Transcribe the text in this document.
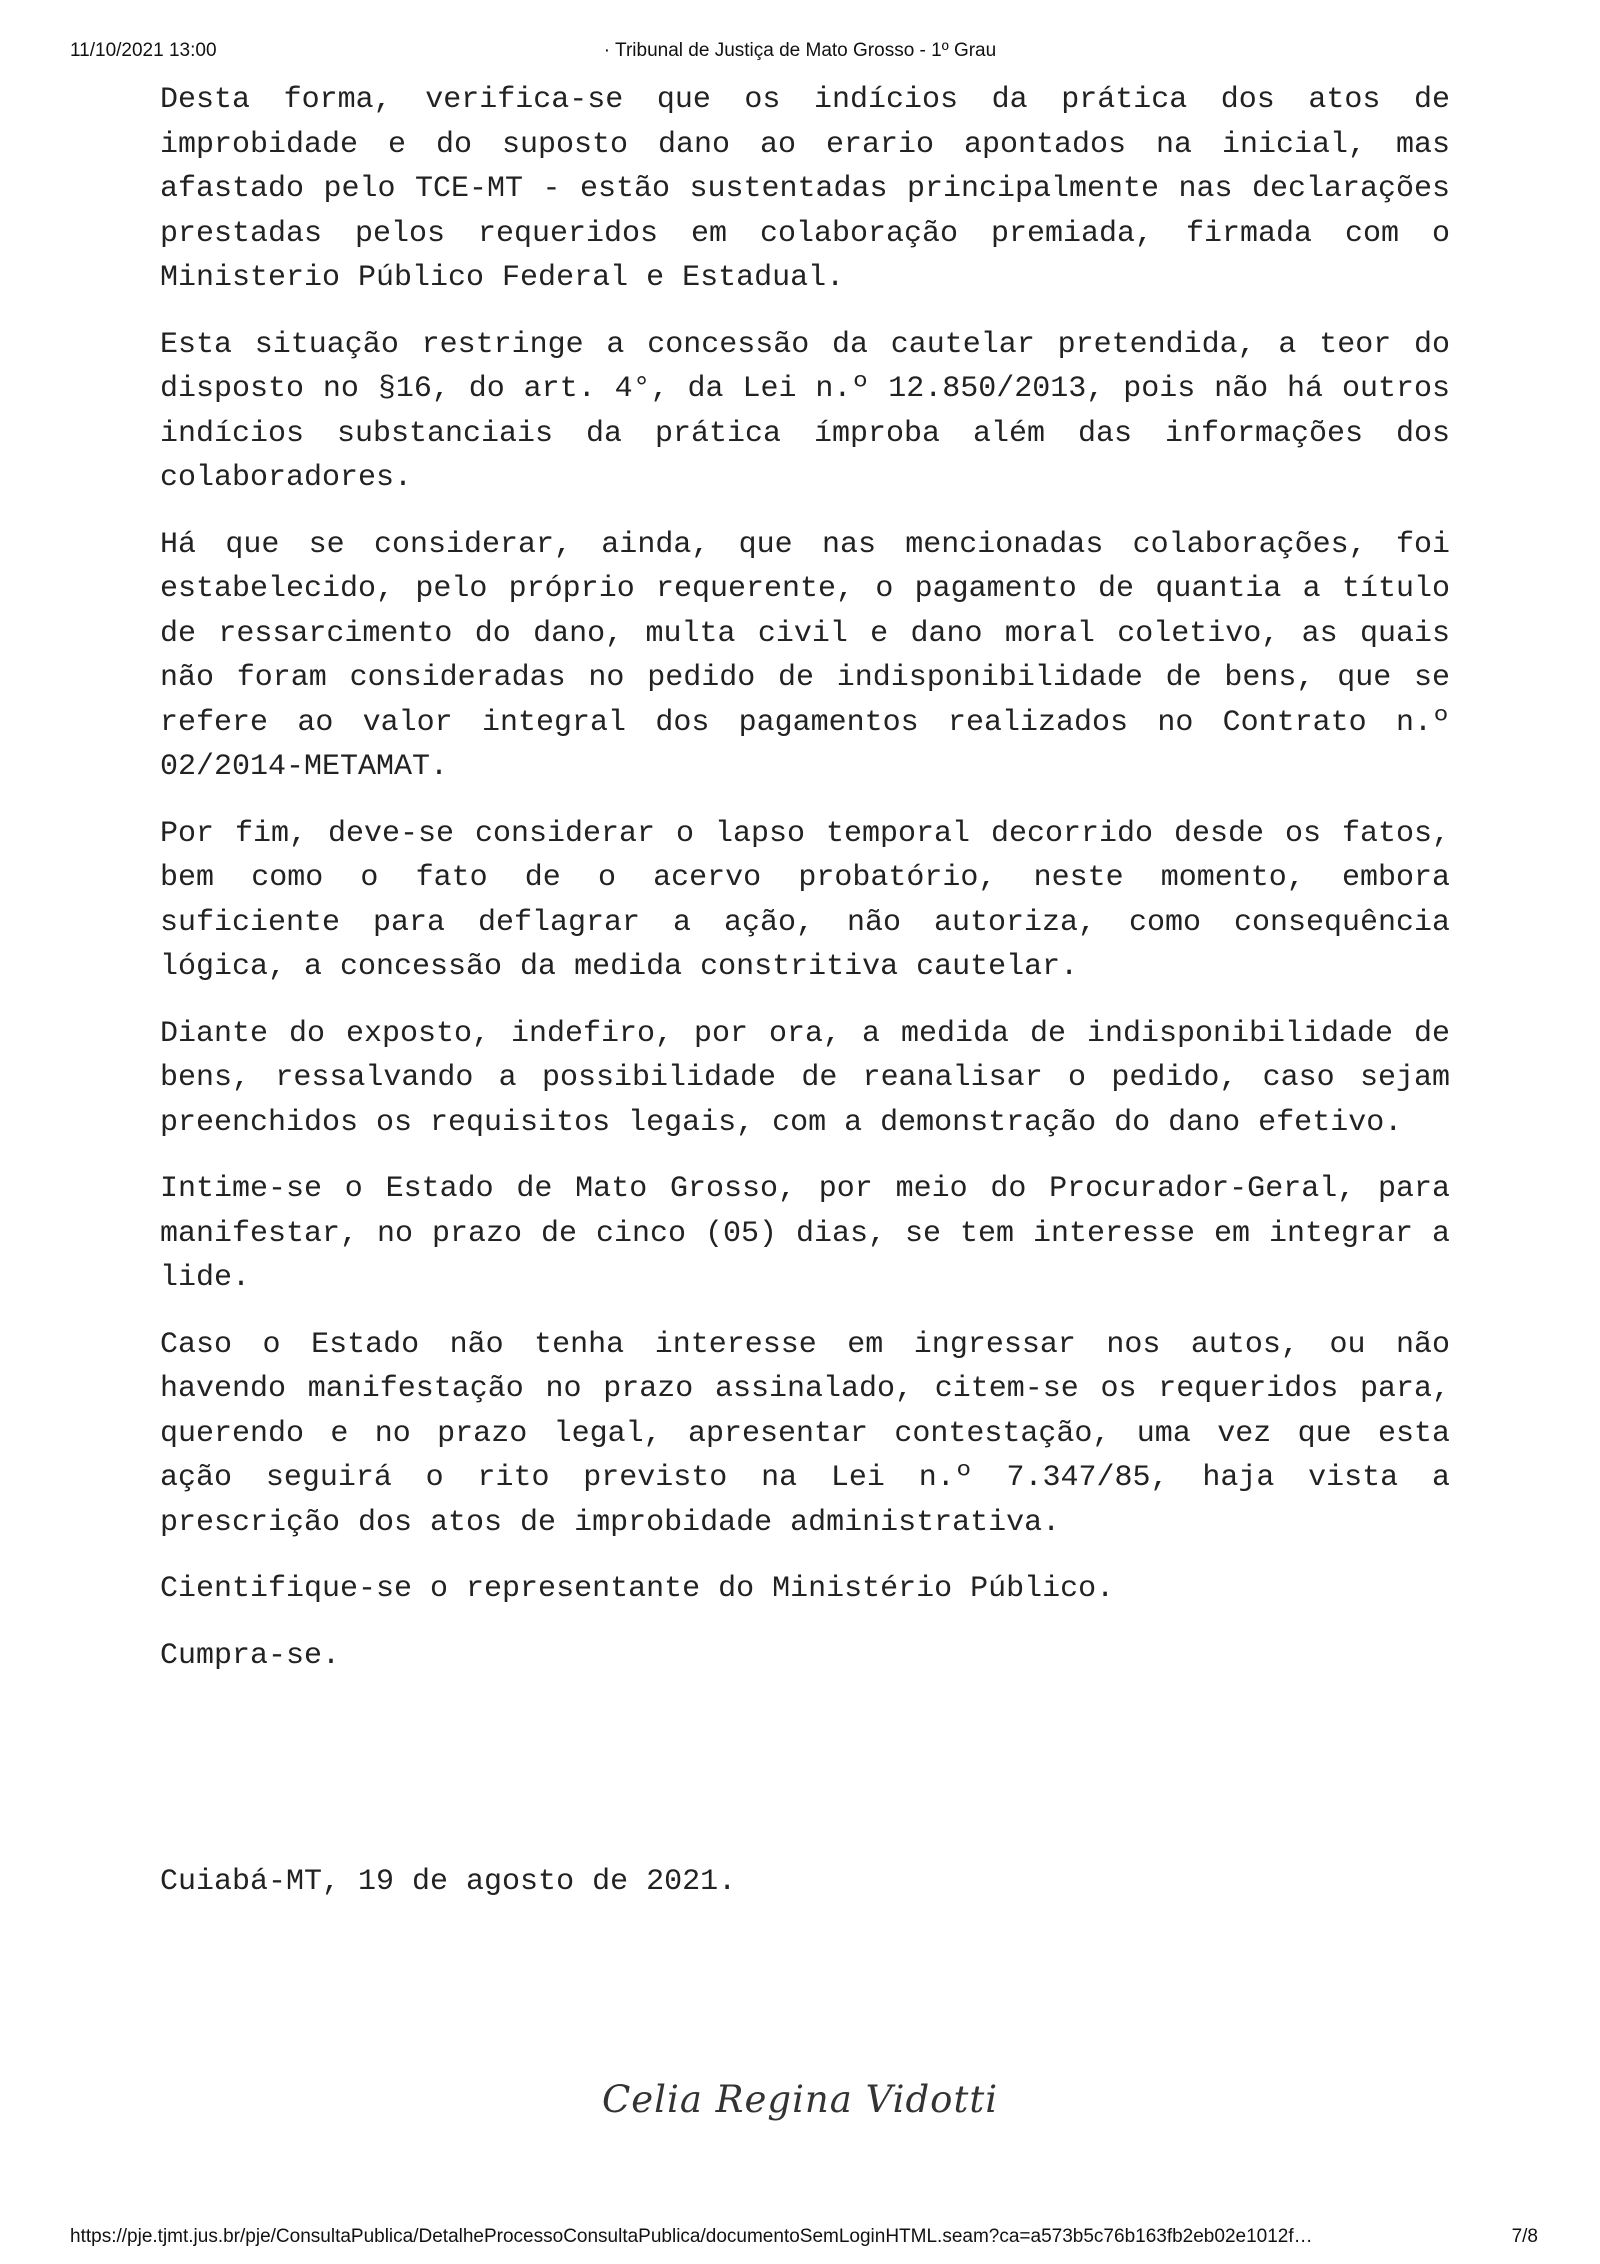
11/10/2021 13:00	· Tribunal de Justiça de Mato Grosso - 1º Grau

Desta forma, verifica-se que os indícios da prática dos atos de improbidade e do suposto dano ao erario apontados na inicial, mas afastado pelo TCE-MT - estão sustentadas principalmente nas declarações prestadas pelos requeridos em colaboração premiada, firmada com o Ministerio Público Federal e Estadual.

Esta situação restringe a concessão da cautelar pretendida, a teor do disposto no §16, do art. 4°, da Lei n.º 12.850/2013, pois não há outros indícios substanciais da prática ímproba além das informações dos colaboradores.

Há que se considerar, ainda, que nas mencionadas colaborações, foi estabelecido, pelo próprio requerente, o pagamento de quantia a título de ressarcimento do dano, multa civil e dano moral coletivo, as quais não foram consideradas no pedido de indisponibilidade de bens, que se refere ao valor integral dos pagamentos realizados no Contrato n.º 02/2014-METAMAT.

Por fim, deve-se considerar o lapso temporal decorrido desde os fatos, bem como o fato de o acervo probatório, neste momento, embora suficiente para deflagrar a ação, não autoriza, como consequência lógica, a concessão da medida constritiva cautelar.

Diante do exposto, indefiro, por ora, a medida de indisponibilidade de bens, ressalvando a possibilidade de reanalisar o pedido, caso sejam preenchidos os requisitos legais, com a demonstração do dano efetivo.

Intime-se o Estado de Mato Grosso, por meio do Procurador-Geral, para manifestar, no prazo de cinco (05) dias, se tem interesse em integrar a lide.

Caso o Estado não tenha interesse em ingressar nos autos, ou não havendo manifestação no prazo assinalado, citem-se os requeridos para, querendo e no prazo legal, apresentar contestação, uma vez que esta ação seguirá o rito previsto na Lei n.º 7.347/85, haja vista a prescrição dos atos de improbidade administrativa.

Cientifique-se o representante do Ministério Público.

Cumpra-se.

Cuiabá-MT, 19 de agosto de 2021.
Celia Regina Vidotti
https://pje.tjmt.jus.br/pje/ConsultaPublica/DetalheProcessoConsultaPublica/documentoSemLoginHTML.seam?ca=a573b5c76b163fb2eb02e1012f…	7/8
